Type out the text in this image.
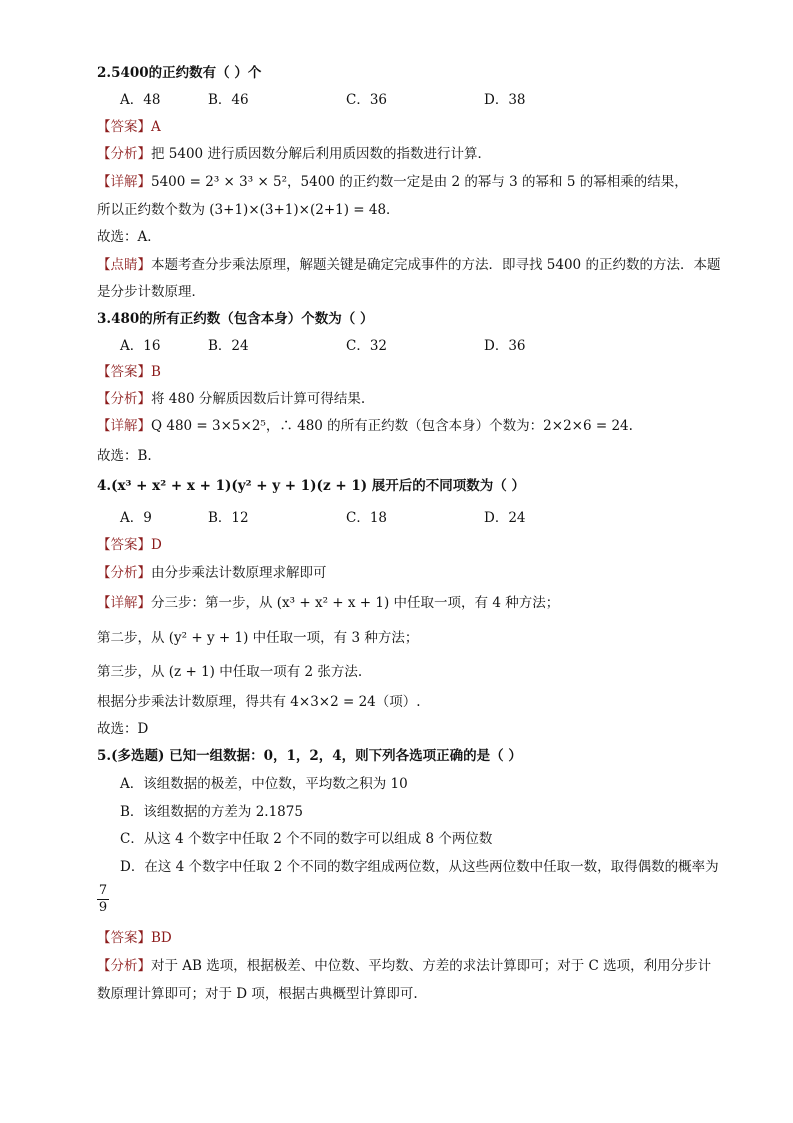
2.5400的正约数有（ ）个
A．48	B．46	C．36	D．38
【答案】A
【分析】把 5400 进行质因数分解后利用质因数的指数进行计算．
【详解】5400 = 2³ × 3³ × 5²，5400 的正约数一定是由 2 的幂与 3 的幂和 5 的幂相乘的结果，
所以正约数个数为 (3+1)×(3+1)×(2+1) = 48．
故选：A．
【点睛】本题考查分步乘法原理，解题关键是确定完成事件的方法．即寻找 5400 的正约数的方法．本题
是分步计数原理．
3.480的所有正约数（包含本身）个数为（ ）
A．16	B．24	C．32	D．36
【答案】B
【分析】将 480 分解质因数后计算可得结果.
【详解】Q 480 = 3×5×2⁵，∴ 480 的所有正约数（包含本身）个数为：2×2×6 = 24.
故选：B.
4.(x³ + x² + x + 1)(y² + y + 1)(z + 1) 展开后的不同项数为（ ）
A．9	B．12	C．18	D．24
【答案】D
【分析】由分步乘法计数原理求解即可
【详解】分三步：第一步，从 (x³ + x² + x + 1) 中任取一项，有 4 种方法；
第二步，从 (y² + y + 1) 中任取一项，有 3 种方法；
第三步，从 (z + 1) 中任取一项有 2 张方法.
根据分步乘法计数原理，得共有 4×3×2 = 24（项）.
故选：D
5.(多选题) 已知一组数据：0，1，2，4，则下列各选项正确的是（ ）
A．该组数据的极差，中位数，平均数之积为 10
B．该组数据的方差为 2.1875
C．从这 4 个数字中任取 2 个不同的数字可以组成 8 个两位数
D．在这 4 个数字中任取 2 个不同的数字组成两位数，从这些两位数中任取一数，取得偶数的概率为
7
9
【答案】BD
【分析】对于 AB 选项，根据极差、中位数、平均数、方差的求法计算即可；对于 C 选项，利用分步计
数原理计算即可；对于 D 项，根据古典概型计算即可.
